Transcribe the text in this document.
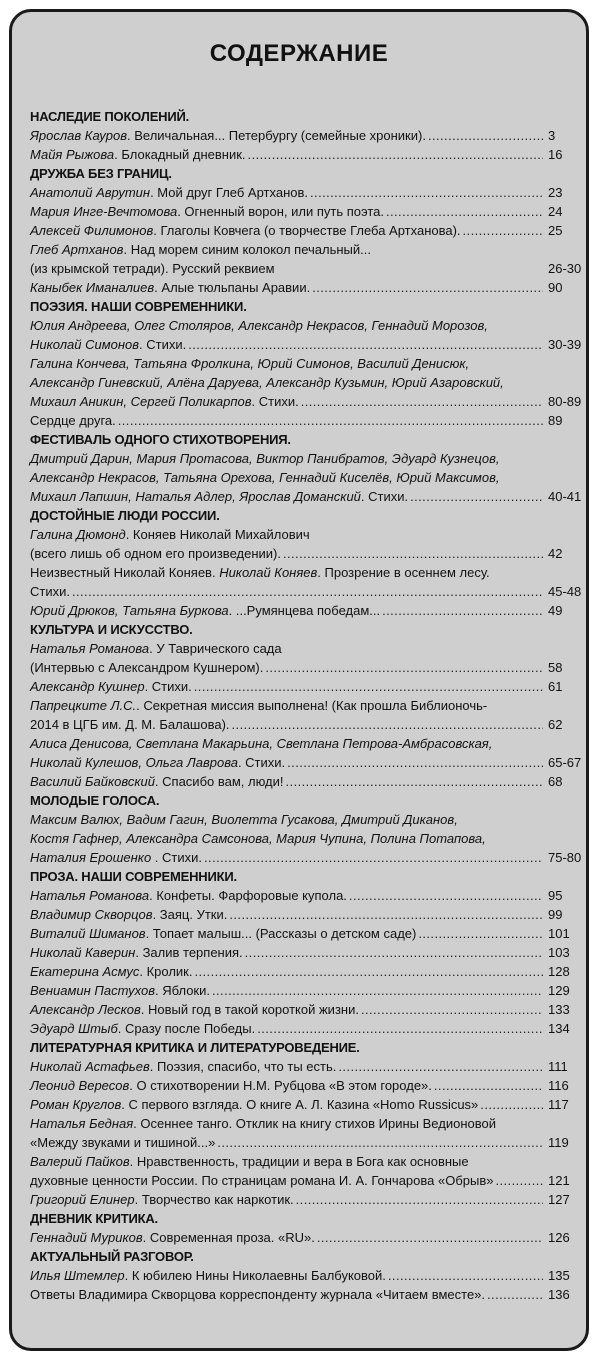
СОДЕРЖАНИЕ
НАСЛЕДИЕ ПОКОЛЕНИЙ.
Ярослав Кауров. Величальная... Петербургу (семейные хроники). . . .	3
Майя Рыжова. Блокадный дневник. . . .	16
ДРУЖБА БЕЗ ГРАНИЦ.
Анатолий Аврутин. Мой друг Глеб Артханов. . . .	23
Мария Инге-Вечтомова. Огненный ворон, или путь поэта. . . .	24
Алексей Филимонов. Глаголы Ковчега (о творчестве Глеба Артханова). . . .	25
Глеб Артханов. Над морем синим колокол печальный...
(из крымской тетради). Русский реквием	26-30
Каныбек Иманалиев. Алые тюльпаны Аравии. . . .	90
ПОЭЗИЯ. НАШИ СОВРЕМЕННИКИ.
Юлия Андреева, Олег Столяров, Александр Некрасов, Геннадий Морозов,
Николай Симонов. Стихи. . . .	30-39
Галина Кончева, Татьяна Фролкина, Юрий Симонов, Василий Денисюк,
Александр Гиневский, Алёна Даруева, Александр Кузьмин, Юрий Азаровский,
Михаил Аникин, Сергей Поликарпов. Стихи. . . .	80-89
Сердце друга. . . .	89
ФЕСТИВАЛЬ ОДНОГО СТИХОТВОРЕНИЯ.
Дмитрий Дарин, Мария Протасова, Виктор Панибратов, Эдуард Кузнецов,
Александр Некрасов, Татьяна Орехова, Геннадий Киселёв, Юрий Максимов,
Михаил Лапшин, Наталья Адлер, Ярослав Доманский. Стихи. . . .	40-41
ДОСТОЙНЫЕ ЛЮДИ РОССИИ.
Галина Дюмонд. Коняев Николай Михайлович
(всего лишь об одном его произведении). . . .	42
Неизвестный Николай Коняев. Николай Коняев. Прозрение в осеннем лесу.
Стихи. . . .	45-48
Юрий Дрюков, Татьяна Буркова. ...Румянцева победам... . . .	49
КУЛЬТУРА И ИСКУССТВО.
Наталья Романова. У Таврического сада
(Интервью с Александром Кушнером). . . .	58
Александр Кушнер. Стихи. . . .	61
Папрецките Л.С.. Секретная миссия выполнена! (Как прошла Библионочь-
2014 в ЦГБ им. Д. М. Балашова). . . .	62
Алиса Денисова, Светлана Макарьина, Светлана Петрова-Амбрасовская,
Николай Кулешов, Ольга Лаврова. Стихи. . . .	65-67
Василий Байковский. Спасибо вам, люди! . . .	68
МОЛОДЫЕ ГОЛОСА.
Максим Валюх, Вадим Гагин, Виолетта Гусакова, Дмитрий Диканов,
Костя Гафнер, Александра Самсонова, Мария Чупина, Полина Потапова,
Наталия Ерошенко . Стихи. . . .	75-80
ПРОЗА. НАШИ СОВРЕМЕННИКИ.
Наталья Романова. Конфеты. Фарфоровые купола. . . .	95
Владимир Скворцов. Заяц. Утки. . . .	99
Виталий Шиманов. Топает малыш... (Рассказы о детском саде) . . .	101
Николай Каверин. Залив терпения. . . .	103
Екатерина Асмус. Кролик. . . .	128
Вениамин Пастухов. Яблоки. . . .	129
Александр Лесков. Новый год в такой короткой жизни. . . .	133
Эдуард Штыб. Сразу после Победы. . . .	134
ЛИТЕРАТУРНАЯ КРИТИКА И ЛИТЕРАТУРОВЕДЕНИЕ.
Николай Астафьев. Поэзия, спасибо, что ты есть. . . .	111
Леонид Вересов. О стихотворении Н.М. Рубцова «В этом городе». . . .	116
Роман Круглов. С первого взгляда. О книге А. Л. Казина «Homo Russicus» . . .	117
Наталья Бедная. Осеннее танго. Отклик на книгу стихов Ирины Ведионовой
«Между звуками и тишиной...» . . .	119
Валерий Пайков. Нравственность, традиции и вера в Бога как основные
духовные ценности России. По страницам романа И. А. Гончарова «Обрыв» . . .	121
Григорий Елинер. Творчество как наркотик. . . .	127
ДНЕВНИК КРИТИКА.
Геннадий Муриков. Современная проза. «RU». . . .	126
АКТУАЛЬНЫЙ РАЗГОВОР.
Илья Штемлер. К юбилею Нины Николаевны Балбуковой. . . .	135
Ответы Владимира Скворцова корреспонденту журнала «Читаем вместе». . . .	136
